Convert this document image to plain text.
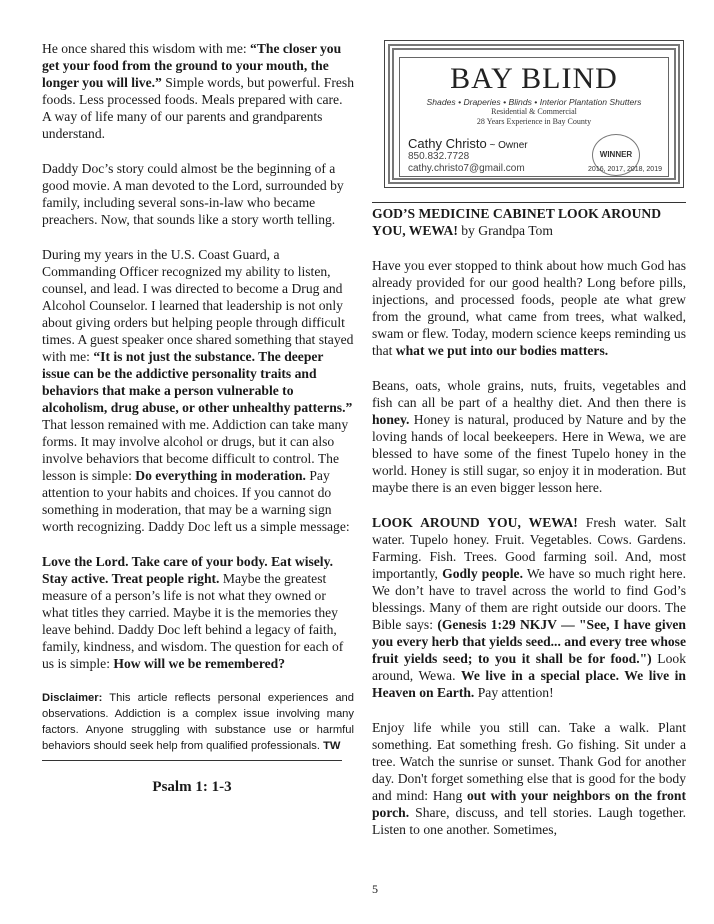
He once shared this wisdom with me: “The closer you get your food from the ground to your mouth, the longer you will live.” Simple words, but powerful. Fresh foods. Less processed foods. Meals prepared with care. A way of life many of our parents and grandparents understand.

Daddy Doc’s story could almost be the beginning of a good movie. A man devoted to the Lord, surrounded by family, including several sons-in-law who became preachers. Now, that sounds like a story worth telling.

During my years in the U.S. Coast Guard, a Commanding Officer recognized my ability to listen, counsel, and lead. I was directed to become a Drug and Alcohol Counselor. I learned that leadership is not only about giving orders but helping people through difficult times. A guest speaker once shared something that stayed with me: “It is not just the substance. The deeper issue can be the addictive personality traits and behaviors that make a person vulnerable to alcoholism, drug abuse, or other unhealthy patterns.” That lesson remained with me. Addiction can take many forms. It may involve alcohol or drugs, but it can also involve behaviors that become difficult to control. The lesson is simple: Do everything in moderation. Pay attention to your habits and choices. If you cannot do something in moderation, that may be a warning sign worth recognizing. Daddy Doc left us a simple message:

Love the Lord. Take care of your body. Eat wisely. Stay active. Treat people right. Maybe the greatest measure of a person’s life is not what they owned or what titles they carried. Maybe it is the memories they leave behind. Daddy Doc left behind a legacy of faith, family, kindness, and wisdom. The question for each of us is simple: How will we be remembered?

Disclaimer: This article reflects personal experiences and observations. Addiction is a complex issue involving many factors. Anyone struggling with substance use or harmful behaviors should seek help from qualified professionals. TW

Psalm 1: 1-3
BAY BLIND
Shades • Draperies • Blinds • Interior Plantation Shutters
Residential & Commercial
28 Years Experience in Bay County
Cathy Christo ~ Owner
850.832.7728
cathy.christo7@gmail.com
WINNER
2016, 2017, 2018, 2019
GOD’S MEDICINE CABINET LOOK AROUND YOU, WEWA! by Grandpa Tom

Have you ever stopped to think about how much God has already provided for our good health? Long before pills, injections, and processed foods, people ate what grew from the ground, what came from trees, what walked, swam or flew. Today, modern science keeps reminding us that what we put into our bodies matters.

Beans, oats, whole grains, nuts, fruits, vegetables and fish can all be part of a healthy diet. And then there is honey. Honey is natural, produced by Nature and by the loving hands of local beekeepers. Here in Wewa, we are blessed to have some of the finest Tupelo honey in the world. Honey is still sugar, so enjoy it in moderation. But maybe there is an even bigger lesson here.

LOOK AROUND YOU, WEWA! Fresh water. Salt water. Tupelo honey. Fruit. Vegetables. Cows. Gardens. Farming. Fish. Trees. Good farming soil. And, most importantly, Godly people. We have so much right here. We don’t have to travel across the world to find God’s blessings. Many of them are right outside our doors. The Bible says: (Genesis 1:29 NKJV — "See, I have given you every herb that yields seed... and every tree whose fruit yields seed; to you it shall be for food.") Look around, Wewa. We live in a special place. We live in Heaven on Earth. Pay attention!

Enjoy life while you still can. Take a walk. Plant something. Eat something fresh. Go fishing. Sit under a tree. Watch the sunrise or sunset. Thank God for another day. Don't forget something else that is good for the body and mind: Hang out with your neighbors on the front porch. Share, discuss, and tell stories. Laugh together. Listen to one another. Sometimes,

5
